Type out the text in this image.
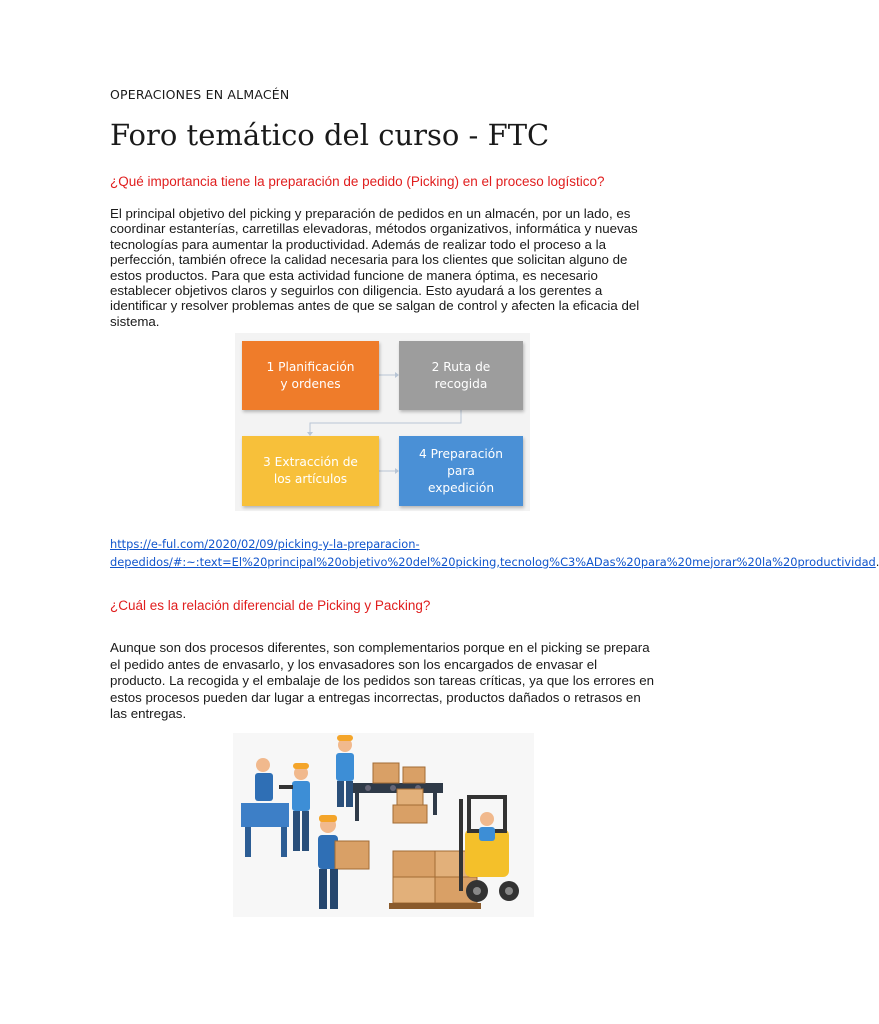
OPERACIONES EN ALMACÉN
Foro temático del curso - FTC

¿Qué importancia tiene la preparación de pedido (Picking) en el proceso logístico?

El principal objetivo del picking y preparación de pedidos en un almacén, por un lado, es coordinar estanterías, carretillas elevadoras, métodos organizativos, informática y nuevas tecnologías para aumentar la productividad. Además de realizar todo el proceso a la perfección, también ofrece la calidad necesaria para los clientes que solicitan alguno de estos productos. Para que esta actividad funcione de manera óptima, es necesario establecer objetivos claros y seguirlos con diligencia. Esto ayudará a los gerentes a identificar y resolver problemas antes de que se salgan de control y afecten la eficacia del sistema.

https://e-ful.com/2020/02/09/picking-y-la-preparacion-depedidos/#:~:text=El%20principal%20objetivo%20del%20picking,tecnolog%C3%ADas%20para%20mejorar%20la%20productividad

¿Cuál es la relación diferencial de Picking y Packing?

Aunque son dos procesos diferentes, son complementarios porque en el picking se prepara el pedido antes de envasarlo, y los envasadores son los encargados de envasar el producto. La recogida y el embalaje de los pedidos son tareas críticas, ya que los errores en estos procesos pueden dar lugar a entregas incorrectas, productos dañados o retrasos en las entregas.

1 Planificación
y ordenes
2 Ruta de
recogida
3 Extracción de
los artículos
4 Preparación
para
expedición
